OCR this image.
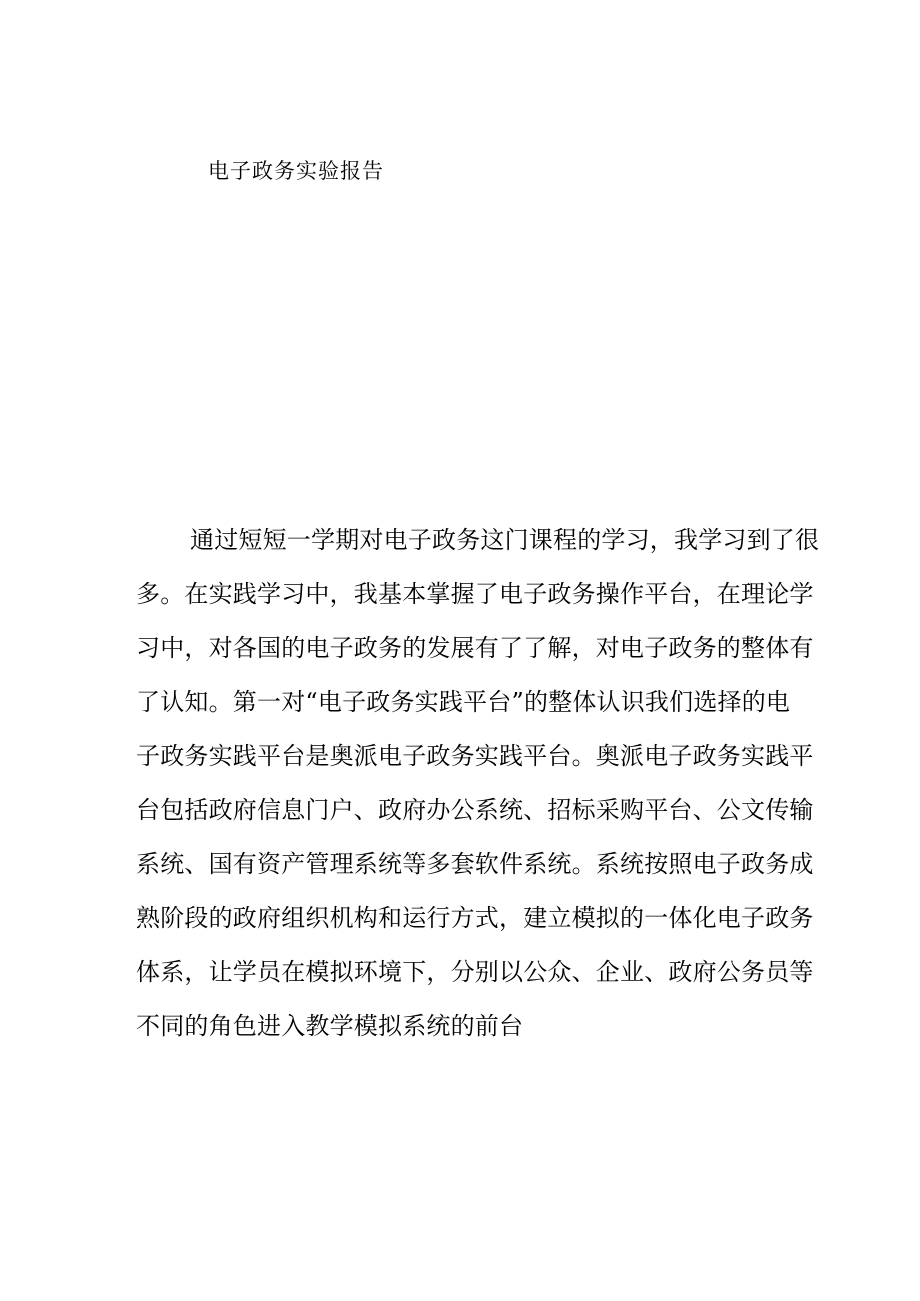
电子政务实验报告
通过短短一学期对电子政务这门课程的学习，我学习到了很
多。在实践学习中，我基本掌握了电子政务操作平台，在理论学
习中，对各国的电子政务的发展有了了解，对电子政务的整体有
了认知。第一对“电子政务实践平台”的整体认识我们选择的电
子政务实践平台是奥派电子政务实践平台。奥派电子政务实践平
台包括政府信息门户、政府办公系统、招标采购平台、公文传输
系统、国有资产管理系统等多套软件系统。系统按照电子政务成
熟阶段的政府组织机构和运行方式，建立模拟的一体化电子政务
体系，让学员在模拟环境下，分别以公众、企业、政府公务员等
不同的角色进入教学模拟系统的前台
